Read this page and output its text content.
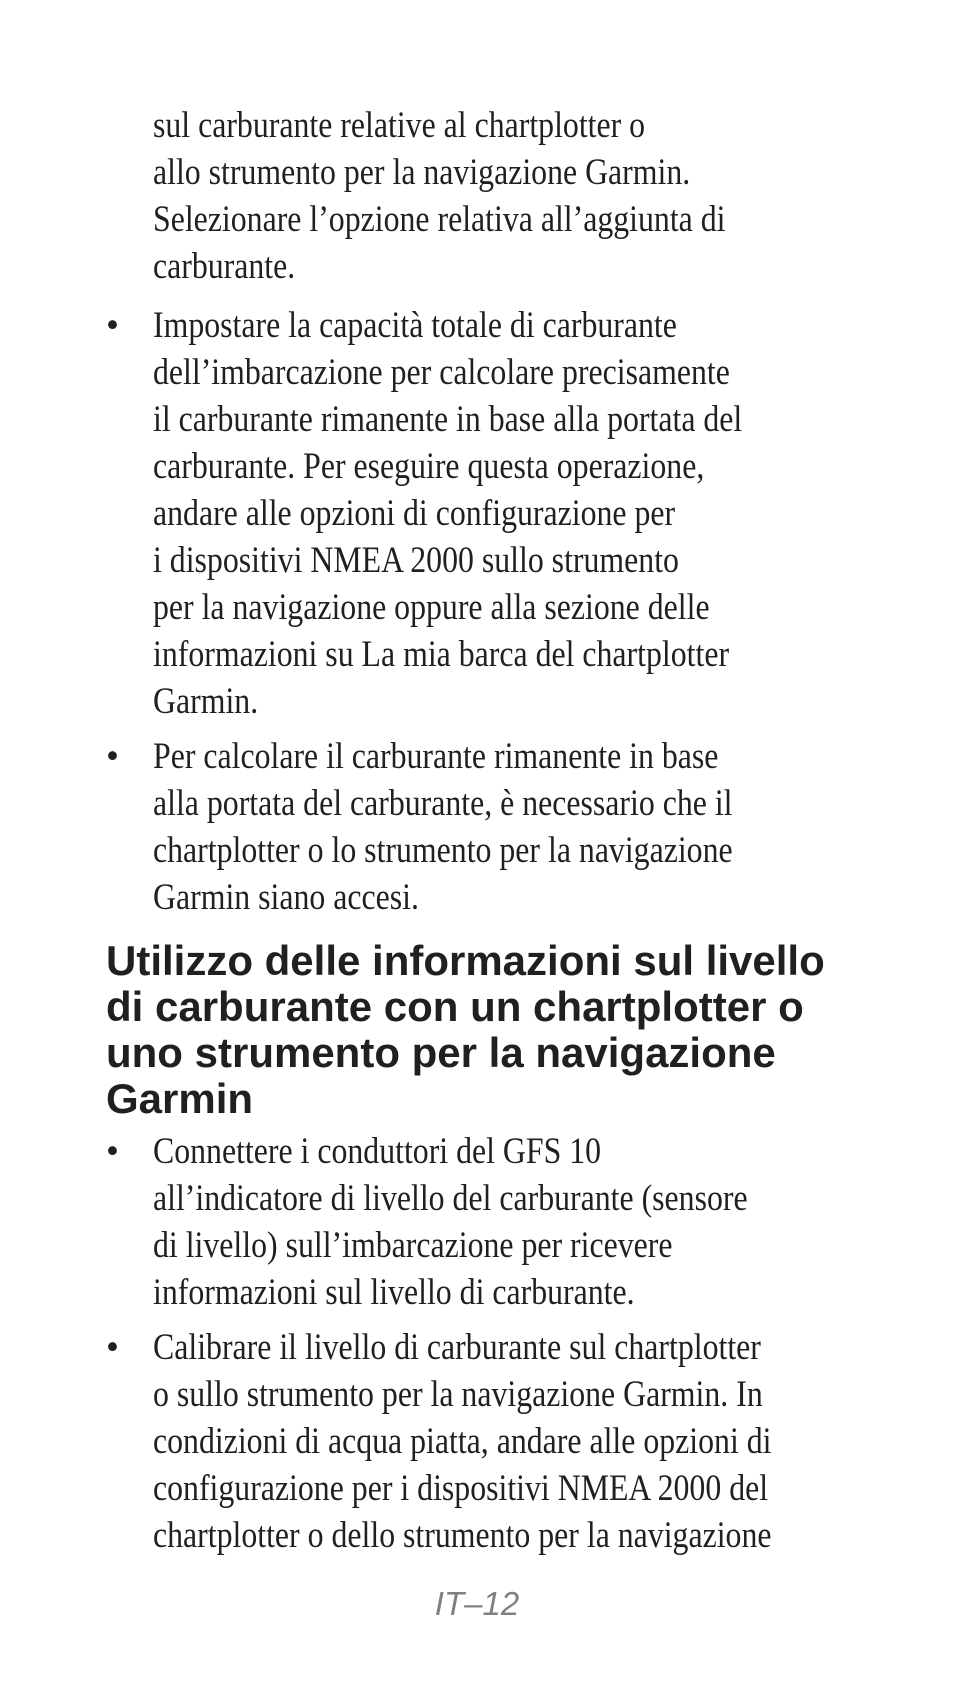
sul carburante relative al chartplotter o
allo strumento per la navigazione Garmin.
Selezionare l’opzione relativa all’aggiunta di
carburante.
• Impostare la capacità totale di carburante
dell’imbarcazione per calcolare precisamente
il carburante rimanente in base alla portata del
carburante. Per eseguire questa operazione,
andare alle opzioni di configurazione per
i dispositivi NMEA 2000 sullo strumento
per la navigazione oppure alla sezione delle
informazioni su La mia barca del chartplotter
Garmin.
• Per calcolare il carburante rimanente in base
alla portata del carburante, è necessario che il
chartplotter o lo strumento per la navigazione
Garmin siano accesi.
Utilizzo delle informazioni sul livello
di carburante con un chartplotter o
uno strumento per la navigazione
Garmin
• Connettere i conduttori del GFS 10
all’indicatore di livello del carburante (sensore
di livello) sull’imbarcazione per ricevere
informazioni sul livello di carburante.
• Calibrare il livello di carburante sul chartplotter
o sullo strumento per la navigazione Garmin. In
condizioni di acqua piatta, andare alle opzioni di
configurazione per i dispositivi NMEA 2000 del
chartplotter o dello strumento per la navigazione
IT–12
